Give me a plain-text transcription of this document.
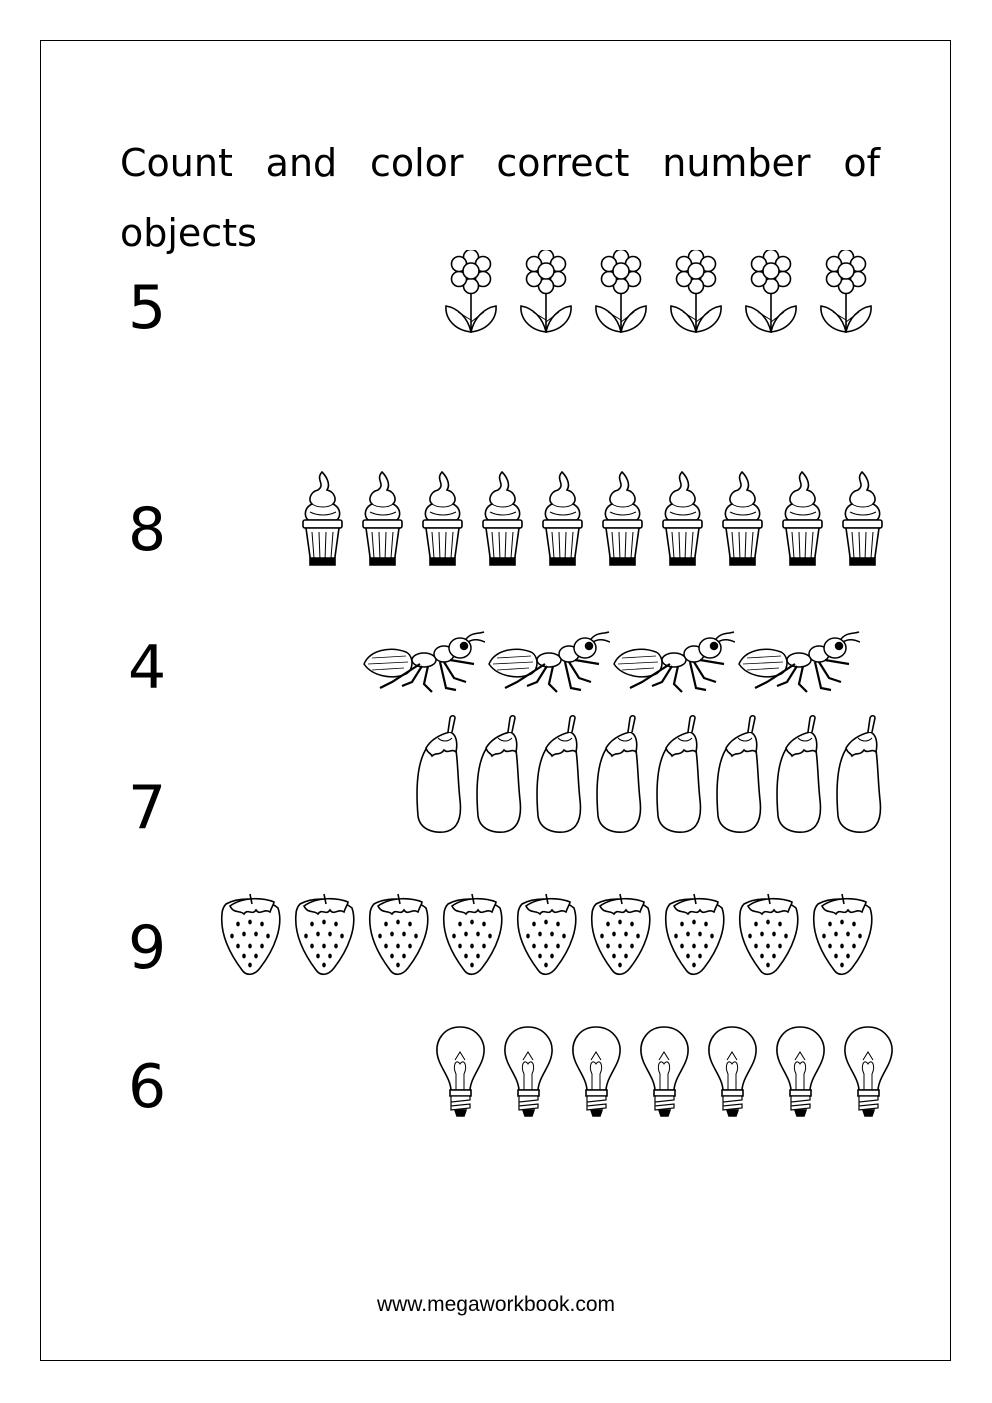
Count and color correct number of objects
5
8
4
7
9
6
www.megaworkbook.com
